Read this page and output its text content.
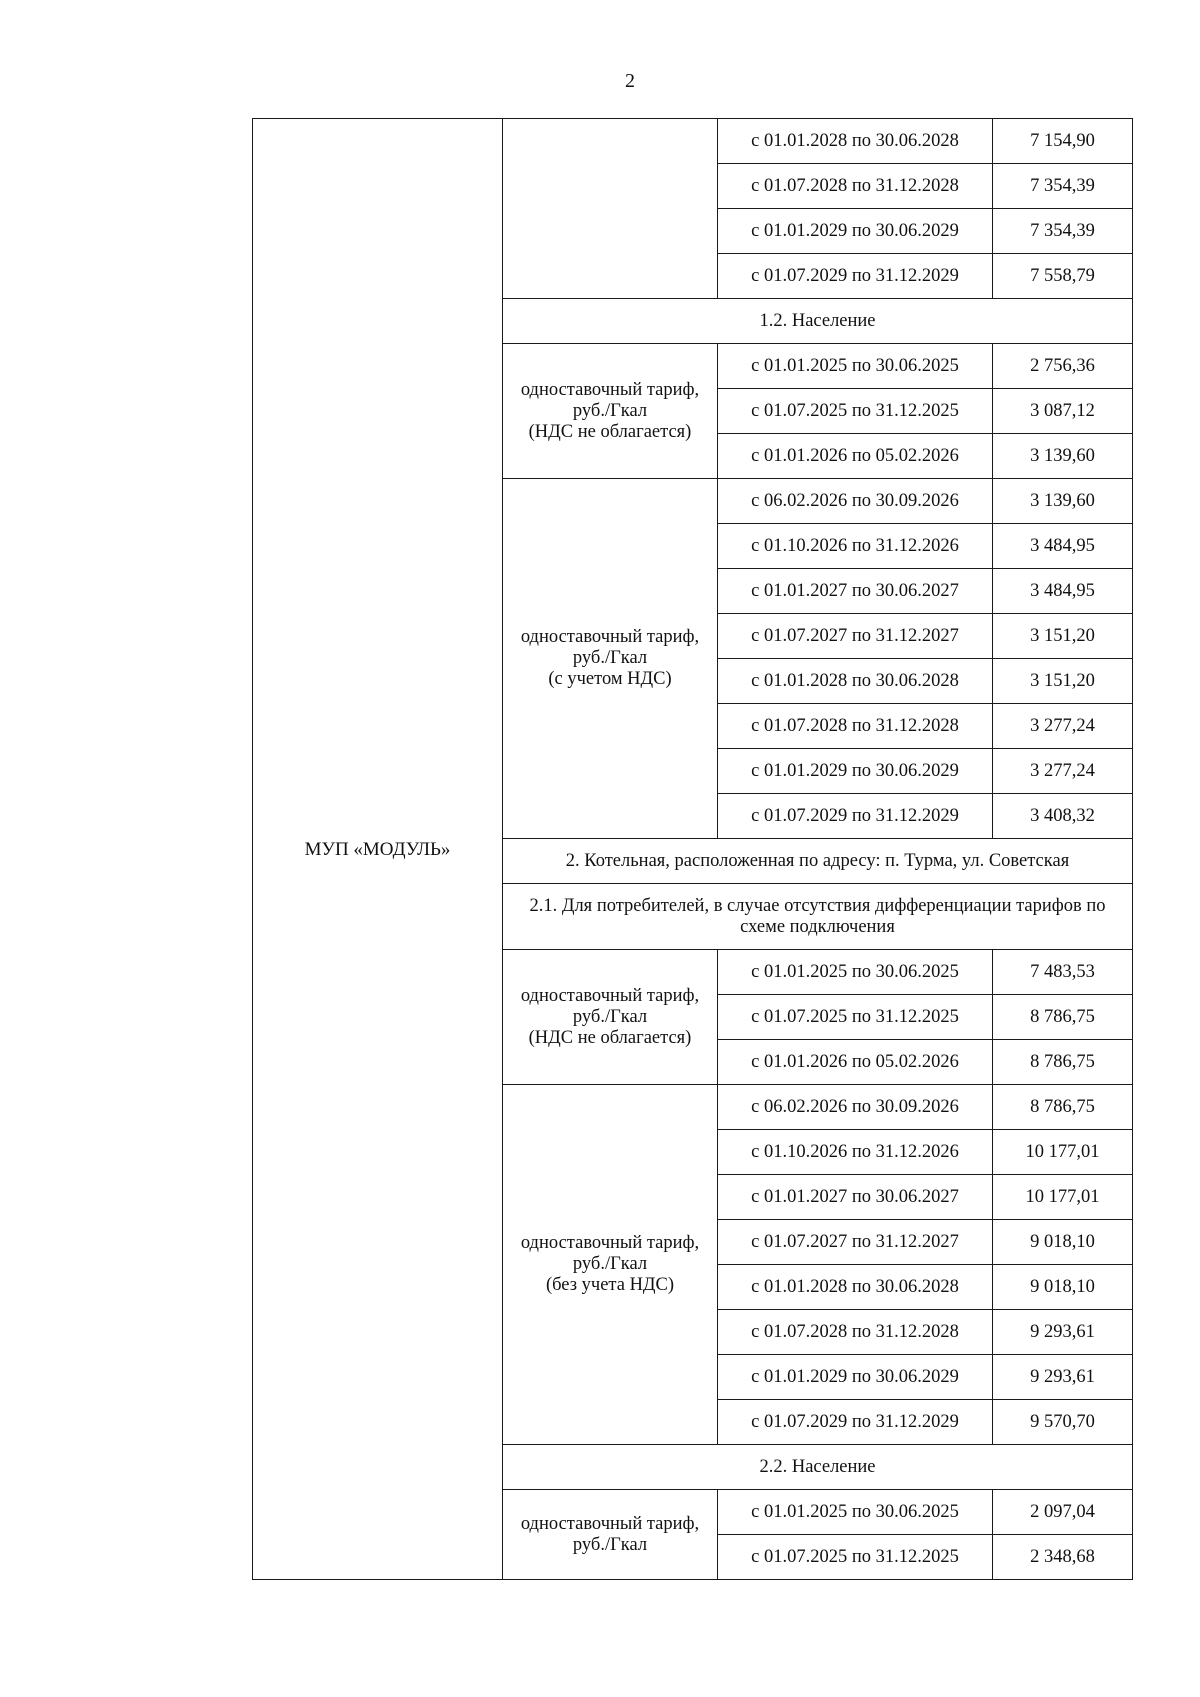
2
МУП «МОДУЛЬ»		с 01.01.2028 по 30.06.2028	7 154,90
		с 01.07.2028 по 31.12.2028	7 354,39
		с 01.01.2029 по 30.06.2029	7 354,39
		с 01.07.2029 по 31.12.2029	7 558,79
	1.2. Население		

	одноставочный тариф,
руб./Гкал
(НДС не облагается)	с 01.01.2025 по 30.06.2025	2 756,36
		с 01.07.2025 по 31.12.2025	3 087,12
		с 01.01.2026 по 05.02.2026	3 139,60

	одноставочный тариф,
руб./Гкал
(с учетом НДС)	с 06.02.2026 по 30.09.2026	3 139,60
		с 01.10.2026 по 31.12.2026	3 484,95
		с 01.01.2027 по 30.06.2027	3 484,95
		с 01.07.2027 по 31.12.2027	3 151,20
		с 01.01.2028 по 30.06.2028	3 151,20
		с 01.07.2028 по 31.12.2028	3 277,24
		с 01.01.2029 по 30.06.2029	3 277,24
		с 01.07.2029 по 31.12.2029	3 408,32
	2. Котельная, расположенная по адресу: п. Турма, ул. Советская		
	2.1. Для потребителей, в случае отсутствия дифференциации тарифов по схеме подключения		

	одноставочный тариф,
руб./Гкал
(НДС не облагается)	с 01.01.2025 по 30.06.2025	7 483,53
		с 01.07.2025 по 31.12.2025	8 786,75
		с 01.01.2026 по 05.02.2026	8 786,75

	одноставочный тариф,
руб./Гкал
(без учета НДС)	с 06.02.2026 по 30.09.2026	8 786,75
		с 01.10.2026 по 31.12.2026	10 177,01
		с 01.01.2027 по 30.06.2027	10 177,01
		с 01.07.2027 по 31.12.2027	9 018,10
		с 01.01.2028 по 30.06.2028	9 018,10
		с 01.07.2028 по 31.12.2028	9 293,61
		с 01.01.2029 по 30.06.2029	9 293,61
		с 01.07.2029 по 31.12.2029	9 570,70
	2.2. Население		

	одноставочный тариф,
руб./Гкал	с 01.01.2025 по 30.06.2025	2 097,04
		с 01.07.2025 по 31.12.2025	2 348,68
